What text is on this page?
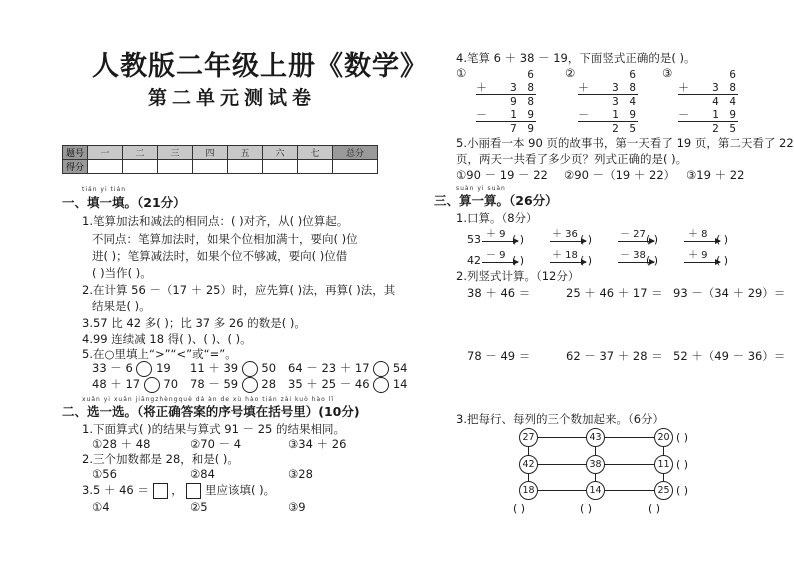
人教版二年级上册《数学》
第二单元测试卷
题号	一	二	三	四	五	六	七	总分
得分								
tián yi tián
一、填一填。（21分）
1.笔算加法和减法的相同点：( )对齐，从( )位算起。
不同点：笔算加法时，如果个位相加满十，要向( )位
进( )；笔算减法时，如果个位不够减，要向( )位借
( )当作( )。
2.在计算 56 －（17 ＋ 25）时，应先算( )法，再算( )法，其
结果是( )。
3.57 比 42 多( )；比 37 多 26 的数是( )。
4.99 连续减 18 得( )、( )、( )。
5.在○里填上“>”“<”或“=”。
33 － 6 19 11 ＋ 39 50 64 － 23 ＋ 17 54
48 ＋ 17 70 78 － 59 28 35 ＋ 25 － 46 14
xuǎn yi xuǎn jiāngzhèngquè dá àn de xù hào tián zài kuò hào lǐ
二、选一选。（将正确答案的序号填在括号里）(10分)
1.下面算式( )的结果与算式 91 － 25 的结果相同。
①28 ＋ 48	②70 － 4	③34 ＋ 26
2.三个加数都是 28，和是( )。
①56	②84	③28
3.5 ＋ 46 ＝ ， 里应该填( )。
①4	②5	③9
4.笔算 6 ＋ 38 － 19，下面竖式正确的是( )。
①	6
＋ 3 8
9 8
－ 1 9
7 9
②	6
＋ 3 8
3 4
－ 1 9
2 5
③	6
＋ 3 8
4 4
－ 1 9
2 5
5.小丽看一本 90 页的故事书，第一天看了 19 页，第二天看了 22
页，两天一共看了多少页？列式正确的是( )。
①90 － 19 － 22 ②90 －（19 ＋ 22） ③19 ＋ 22
suàn yi suàn
三、算一算。（26分）
1.口算。（8分）
53 ＋ 9 ( )	＋ 36 ( )	－ 27 ( )	＋ 8 ( )
42 － 9 ( )	＋ 18 ( )	－ 38 ( )	＋ 9 ( )
2.列竖式计算。（12分）
38 ＋ 46 ＝	25 ＋ 46 ＋ 17 ＝ 93 －（34 ＋ 29）＝
78 － 49 ＝	62 － 37 ＋ 28 ＝ 52 ＋（49 － 36）＝
3.把每行、每列的三个数加起来。（6分）
27	43	20
42	38	11
18	14	25
( )
( )
( )
( )	( )	( )
